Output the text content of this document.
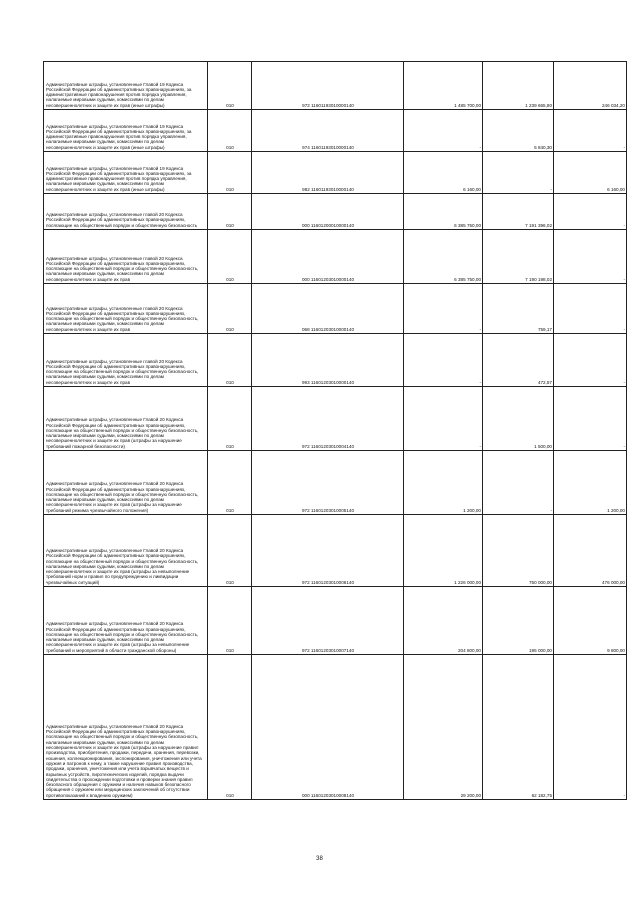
Административные штрафы, установленные Главой 19 Кодекса Российской Федерации об административных правонарушениях, за административные правонарушения против порядка управления, налагаемые мировыми судьями, комиссиями по делам несовершеннолетних и защите их прав (иные штрафы)	010	972 11601193010000140	1 485 700,00	1 239 665,80	246 034,20
Административные штрафы, установленные Главой 19 Кодекса Российской Федерации об административных правонарушениях, за административные правонарушения против порядка управления, налагаемые мировыми судьями, комиссиями по делам несовершеннолетних и защите их прав (иные штрафы)	010	974 11601193010000140	-	5 840,30	-
Административные штрафы, установленные Главой 19 Кодекса Российской Федерации об административных правонарушениях, за административные правонарушения против порядка управления, налагаемые мировыми судьями, комиссиями по делам несовершеннолетних и защите их прав (иные штрафы)	010	982 11601193010000140	6 160,00	-	6 160,00
Административные штрафы, установленные главой 20 Кодекса Российской Федерации об административных правонарушениях, посягающие на общественный порядок и общественную безопасность	010	000 11601200010000140	6 385 750,00	7 191 396,02	-
Административные штрафы, установленные главой 20 Кодекса Российской Федерации об административных правонарушениях, посягающие на общественный порядок и общественную безопасность, налагаемые мировыми судьями, комиссиями по делам несовершеннолетних и защите их прав	010	000 11601203010000140	6 385 750,00	7 190 198,02	-
Административные штрафы, установленные главой 20 Кодекса Российской Федерации об административных правонарушениях, посягающие на общественный порядок и общественную безопасность, налагаемые мировыми судьями, комиссиями по делам несовершеннолетних и защите их прав	010	068 11601203010000140	-	759,17	-
Административные штрафы, установленные главой 20 Кодекса Российской Федерации об административных правонарушениях, посягающие на общественный порядок и общественную безопасность, налагаемые мировыми судьями, комиссиями по делам несовершеннолетних и защите их прав	010	993 11601203010000140	-	472,57	-
Административные штрафы, установленные Главой 20 Кодекса Российской Федерации об административных правонарушениях, посягающие на общественный порядок и общественную безопасность, налагаемые мировыми судьями, комиссиями по делам несовершеннолетних и защите их прав (штрафы за нарушение требований пожарной безопасности)	010	972 11601203010004140	-	1 500,00	-
Административные штрафы, установленные Главой 20 Кодекса Российской Федерации об административных правонарушениях, посягающие на общественный порядок и общественную безопасность, налагаемые мировыми судьями, комиссиями по делам несовершеннолетних и защите их прав (штрафы за нарушение требований режима чрезвычайного положения)	010	972 11601203010005140	1 200,00	-	1 200,00
Административные штрафы, установленные Главой 20 Кодекса Российской Федерации об административных правонарушениях, посягающие на общественный порядок и общественную безопасность, налагаемые мировыми судьями, комиссиями по делам несовершеннолетних и защите их прав (штрафы за невыполнение требований норм и правил по предупреждению и ликвидации чрезвычайных ситуаций)	010	972 11601203010006140	1 226 000,00	750 000,00	476 000,00
Административные штрафы, установленные Главой 20 Кодекса Российской Федерации об административных правонарушениях, посягающие на общественный порядок и общественную безопасность, налагаемые мировыми судьями, комиссиями по делам несовершеннолетних и защите их прав (штрафы за невыполнение требований и мероприятий в области гражданской обороны)	010	972 11601203010007140	204 800,00	195 000,00	9 800,00
Административные штрафы, установленные Главой 20 Кодекса Российской Федерации об административных правонарушениях, посягающие на общественный порядок и общественную безопасность, налагаемые мировыми судьями, комиссиями по делам несовершеннолетних и защите их прав (штрафы за нарушение правил производства, приобретения, продажи, передачи, хранения, перевозки, ношения, коллекционирования, экспонирования, уничтожения или учета оружия и патронов к нему, а также нарушение правил производства, продажи, хранения, уничтожения или учета взрывчатых веществ и взрывных устройств, пиротехнических изделий, порядка выдачи свидетельства о прохождении подготовки и проверки знания правил безопасного обращения с оружием и наличия навыков безопасного обращения с оружием или медицинских заключений об отсутствии противопоказаний к владению оружием)	010	000 11601203010008140	29 200,00	62 182,75	-
38
